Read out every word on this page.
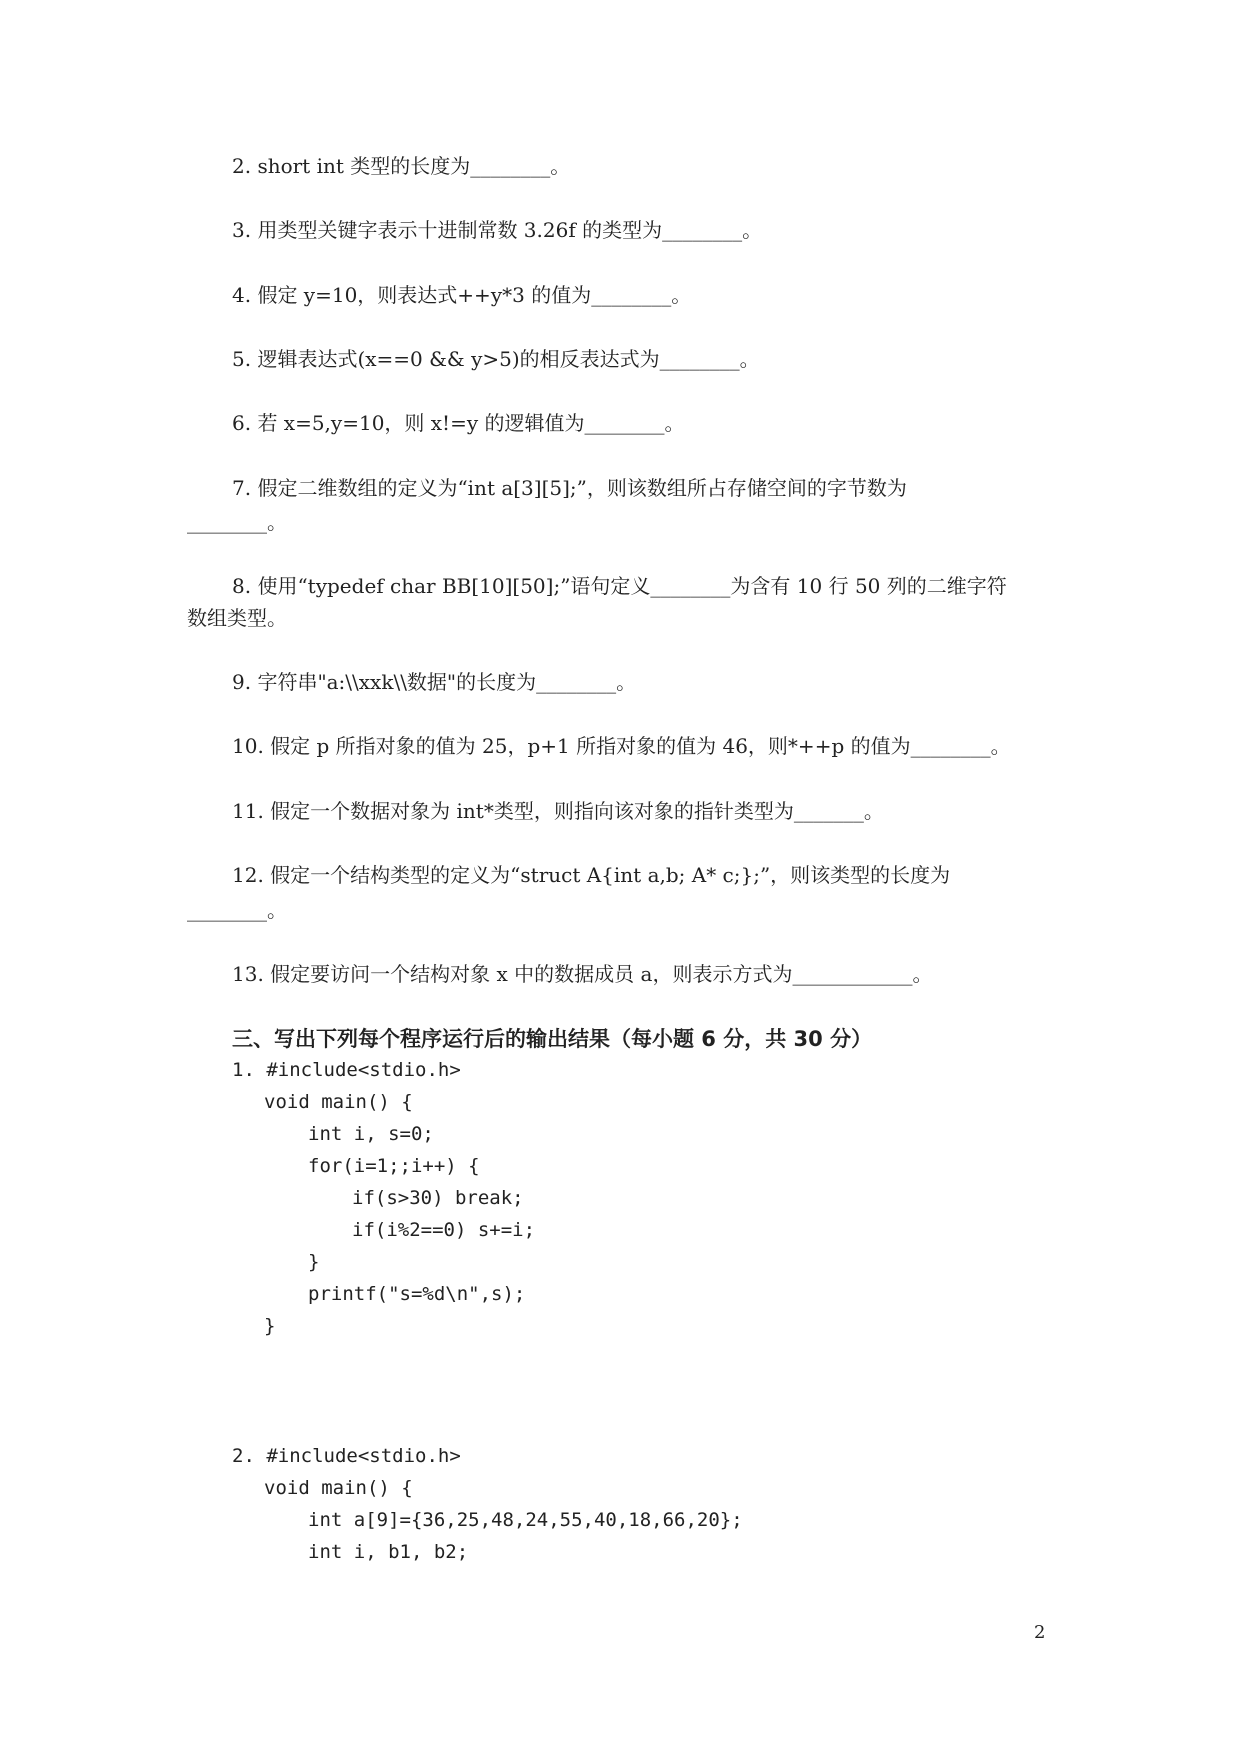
2. short int 类型的长度为________。
3. 用类型关键字表示十进制常数 3.26f 的类型为________。
4. 假定 y=10，则表达式++y*3 的值为________。
5. 逻辑表达式(x==0 && y>5)的相反表达式为________。
6. 若 x=5,y=10，则 x!=y 的逻辑值为________。
7. 假定二维数组的定义为“int a[3][5];”，则该数组所占存储空间的字节数为
________。
8. 使用“typedef char BB[10][50];”语句定义________为含有 10 行 50 列的二维字符
数组类型。
9. 字符串"a:\\xxk\\数据"的长度为________。
10. 假定 p 所指对象的值为 25，p+1 所指对象的值为 46，则*++p 的值为________。
11. 假定一个数据对象为 int*类型，则指向该对象的指针类型为_______。
12. 假定一个结构类型的定义为“struct A{int a,b; A* c;};”，则该类型的长度为
________。
13. 假定要访问一个结构对象 x 中的数据成员 a，则表示方式为____________。
三、写出下列每个程序运行后的输出结果（每小题 6 分，共 30 分）
1. #include<stdio.h>
void main() {
int i, s=0;
for(i=1;;i++) {
if(s>30) break;
if(i%2==0) s+=i;
}
printf("s=%d\n",s);
}
2. #include<stdio.h>
void main() {
int a[9]={36,25,48,24,55,40,18,66,20};
int i, b1, b2;
2
